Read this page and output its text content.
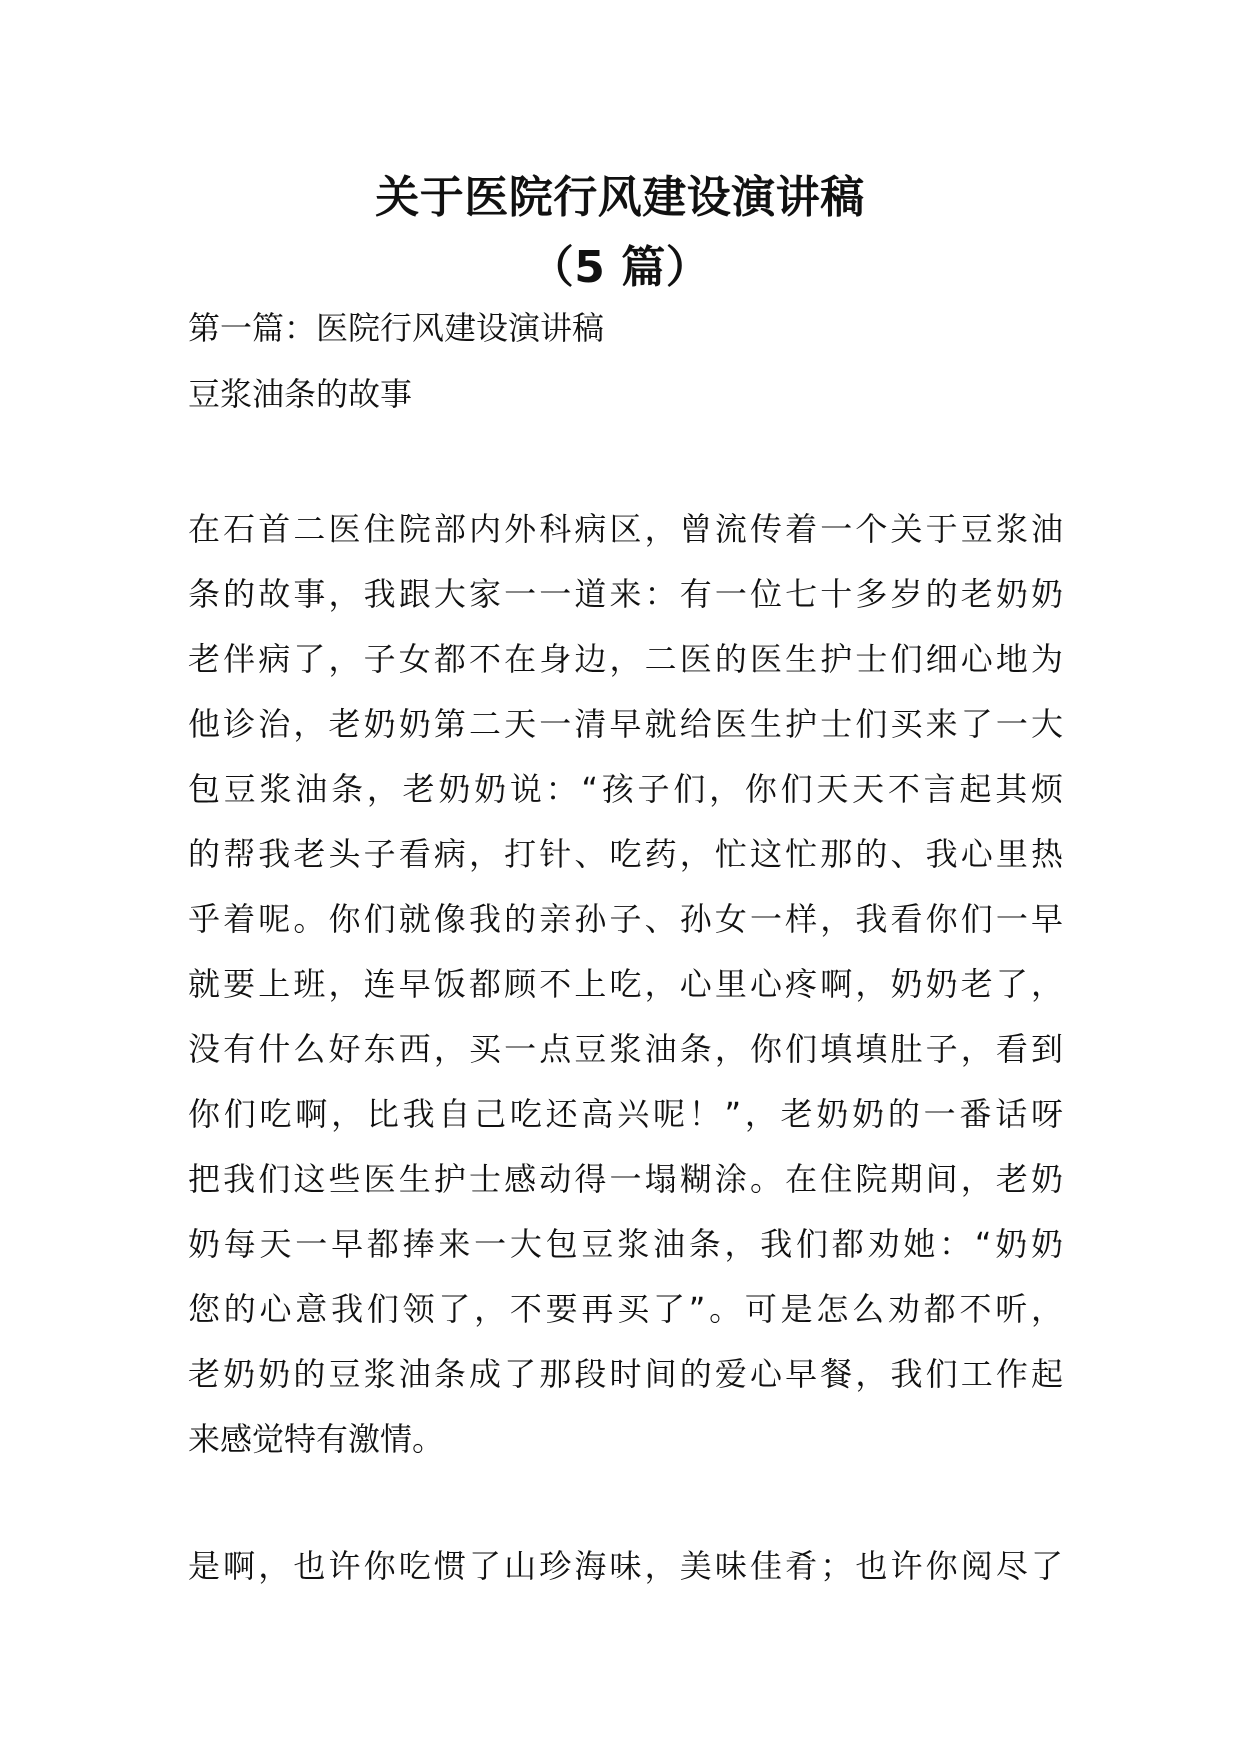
关于医院行风建设演讲稿
（5 篇）
第一篇：医院行风建设演讲稿
豆浆油条的故事
在石首二医住院部内外科病区，曾流传着一个关于豆浆油
条的故事，我跟大家一一道来：有一位七十多岁的老奶奶
老伴病了，子女都不在身边，二医的医生护士们细心地为
他诊治，老奶奶第二天一清早就给医生护士们买来了一大
包豆浆油条，老奶奶说：“孩子们，你们天天不言起其烦
的帮我老头子看病，打针、吃药，忙这忙那的、我心里热
乎着呢。你们就像我的亲孙子、孙女一样，我看你们一早
就要上班，连早饭都顾不上吃，心里心疼啊，奶奶老了，
没有什么好东西，买一点豆浆油条，你们填填肚子，看到
你们吃啊，比我自己吃还高兴呢！”，老奶奶的一番话呀
把我们这些医生护士感动得一塌糊涂。在住院期间，老奶
奶每天一早都捧来一大包豆浆油条，我们都劝她：“奶奶
您的心意我们领了，不要再买了”。可是怎么劝都不听，
老奶奶的豆浆油条成了那段时间的爱心早餐，我们工作起
来感觉特有激情。
是啊，也许你吃惯了山珍海味，美味佳肴；也许你阅尽了
